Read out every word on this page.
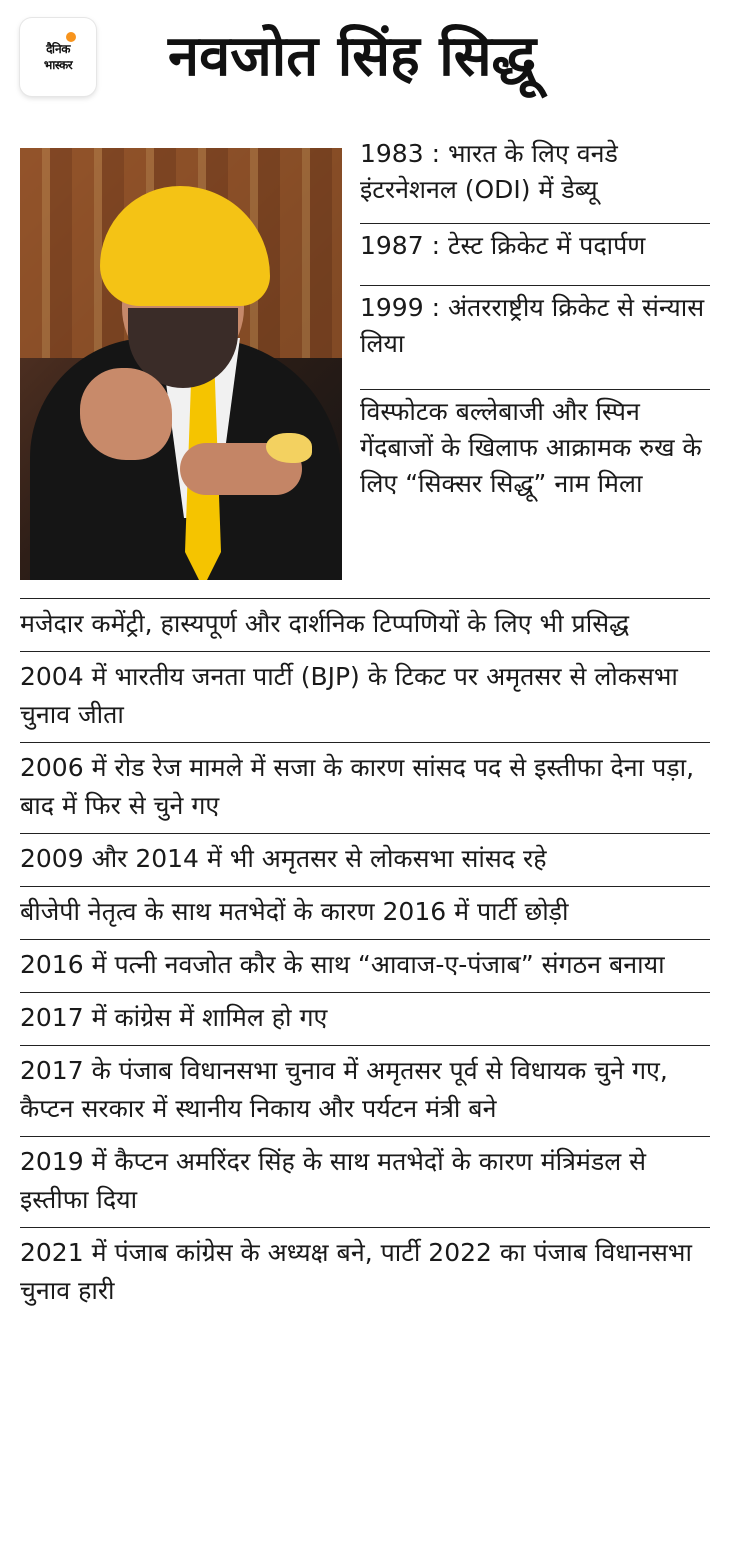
दैनिक
भास्कर	नवजोत सिंह सिद्धू
1983 : भारत के लिए वनडे इंटरनेशनल (ODI) में डेब्यू
1987 : टेस्ट क्रिकेट में पदार्पण
1999 : अंतरराष्ट्रीय क्रिकेट से संन्यास लिया
विस्फोटक बल्लेबाजी और स्पिन गेंदबाजों के खिलाफ आक्रामक रुख के लिए “सिक्सर सिद्धू” नाम मिला
मजेदार कमेंट्री, हास्यपूर्ण और दार्शनिक टिप्पणियों के लिए भी प्रसिद्ध
2004 में भारतीय जनता पार्टी (BJP) के टिकट पर अमृतसर से लोकसभा चुनाव जीता
2006 में रोड रेज मामले में सजा के कारण सांसद पद से इस्तीफा देना पड़ा, बाद में फिर से चुने गए
2009 और 2014 में भी अमृतसर से लोकसभा सांसद रहे
बीजेपी नेतृत्व के साथ मतभेदों के कारण 2016 में पार्टी छोड़ी
2016 में पत्नी नवजोत कौर के साथ “आवाज-ए-पंजाब” संगठन बनाया
2017 में कांग्रेस में शामिल हो गए
2017 के पंजाब विधानसभा चुनाव में अमृतसर पूर्व से विधायक चुने गए, कैप्टन सरकार में स्थानीय निकाय और पर्यटन मंत्री बने
2019 में कैप्टन अमरिंदर सिंह के साथ मतभेदों के कारण मंत्रिमंडल से इस्तीफा दिया
2021 में पंजाब कांग्रेस के अध्यक्ष बने, पार्टी 2022 का पंजाब विधानसभा चुनाव हारी
